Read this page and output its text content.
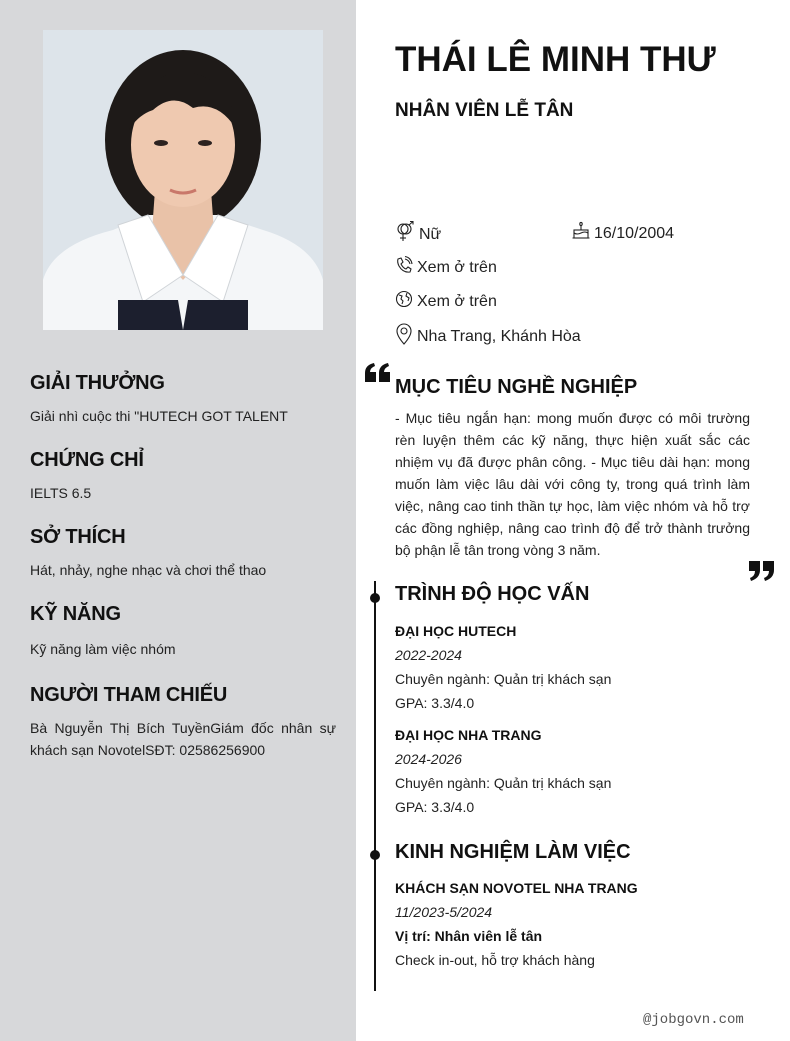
GIẢI THƯỞNG
Giải nhì cuộc thi "HUTECH GOT TALENT
CHỨNG CHỈ
IELTS 6.5
SỞ THÍCH
Hát, nhảy, nghe nhạc và chơi thể thao
KỸ NĂNG
Kỹ năng làm việc nhóm
NGƯỜI THAM CHIẾU
Bà Nguyễn Thị Bích TuyềnGiám đốc nhân sự khách sạn NovotelSĐT: 02586256900
THÁI LÊ MINH THƯ
NHÂN VIÊN LỄ TÂN
Nữ	16/10/2004
Xem ở trên
Xem ở trên
Nha Trang, Khánh Hòa
MỤC TIÊU NGHỀ NGHIỆP
- Mục tiêu ngắn hạn: mong muốn được có môi trường rèn luyện thêm các kỹ năng, thực hiện xuất sắc các nhiệm vụ đã được phân công. - Mục tiêu dài hạn: mong muốn làm việc lâu dài với công ty, trong quá trình làm việc, nâng cao tinh thần tự học, làm việc nhóm và hỗ trợ các đồng nghiệp, nâng cao trình độ để trở thành trưởng bộ phận lễ tân trong vòng 3 năm.
TRÌNH ĐỘ HỌC VẤN
ĐẠI HỌC HUTECH
2022-2024
Chuyên ngành: Quản trị khách sạn
GPA: 3.3/4.0
ĐẠI HỌC NHA TRANG
2024-2026
Chuyên ngành: Quản trị khách sạn
GPA: 3.3/4.0
KINH NGHIỆM LÀM VIỆC
KHÁCH SẠN NOVOTEL NHA TRANG
11/2023-5/2024
Vị trí: Nhân viên lễ tân
Check in-out, hỗ trợ khách hàng
@jobgovn.com
